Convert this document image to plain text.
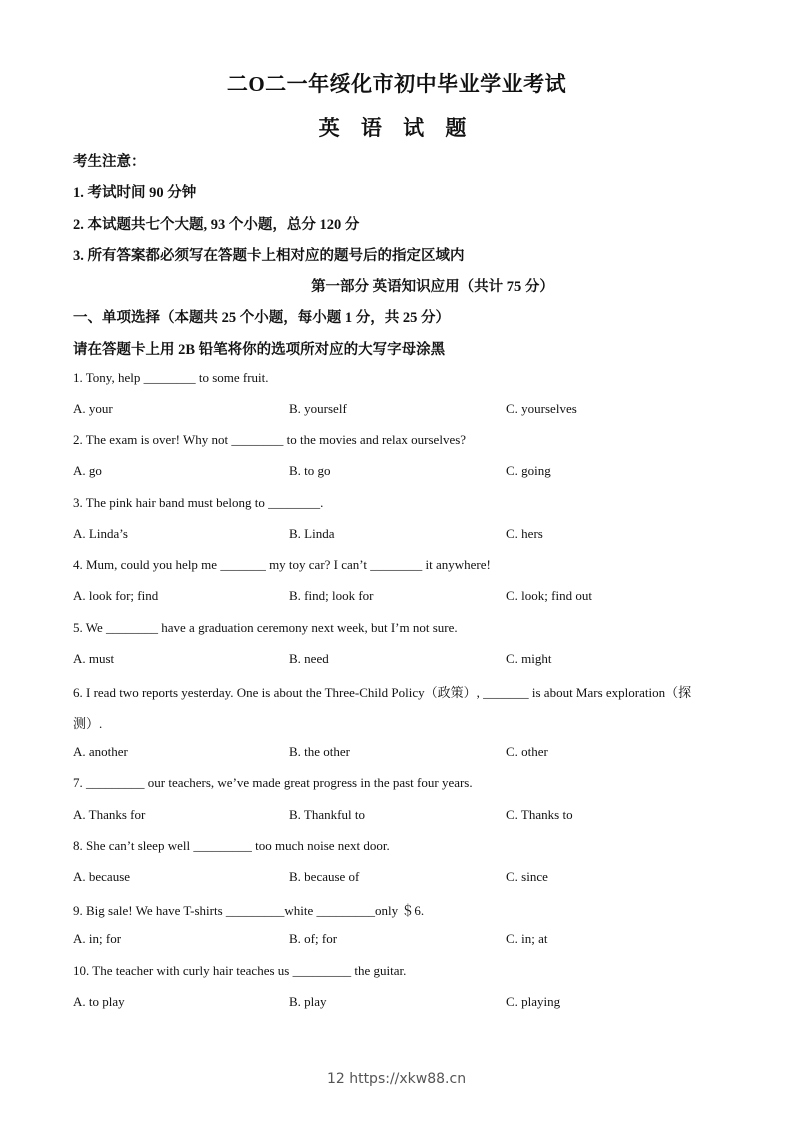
二O二一年绥化市初中毕业学业考试
英 语 试 题
考生注意：
1. 考试时间 90 分钟
2. 本试题共七个大题, 93 个小题，总分 120 分
3. 所有答案都必须写在答题卡上相对应的题号后的指定区域内
第一部分 英语知识应用（共计 75 分）
一、单项选择（本题共 25 个小题，每小题 1 分，共 25 分）
请在答题卡上用 2B 铅笔将你的选项所对应的大写字母涂黑
1. Tony, help ________ to some fruit.
A. your	B. yourself	C. yourselves
2. The exam is over! Why not ________ to the movies and relax ourselves?
A. go	B. to go	C. going
3. The pink hair band must belong to ________.
A. Linda’s	B. Linda	C. hers
4. Mum, could you help me _______ my toy car? I can’t ________ it anywhere!
A. look for; find	B. find; look for	C. look; find out
5. We ________ have a graduation ceremony next week, but I’m not sure.
A. must	B. need	C. might
6. I read two reports yesterday. One is about the Three-Child Policy（政策）, _______ is about Mars exploration（探
测）.
A. another	B. the other	C. other
7. _________ our teachers, we’ve made great progress in the past four years.
A. Thanks for	B. Thankful to	C. Thanks to
8. She can’t sleep well _________ too much noise next door.
A. because	B. because of	C. since
9. Big sale! We have T-shirts _________white _________only ＄6.
A. in; for	B. of; for	C. in; at
10. The teacher with curly hair teaches us _________ the guitar.
A. to play	B. play	C. playing
12 https://xkw88.cn
